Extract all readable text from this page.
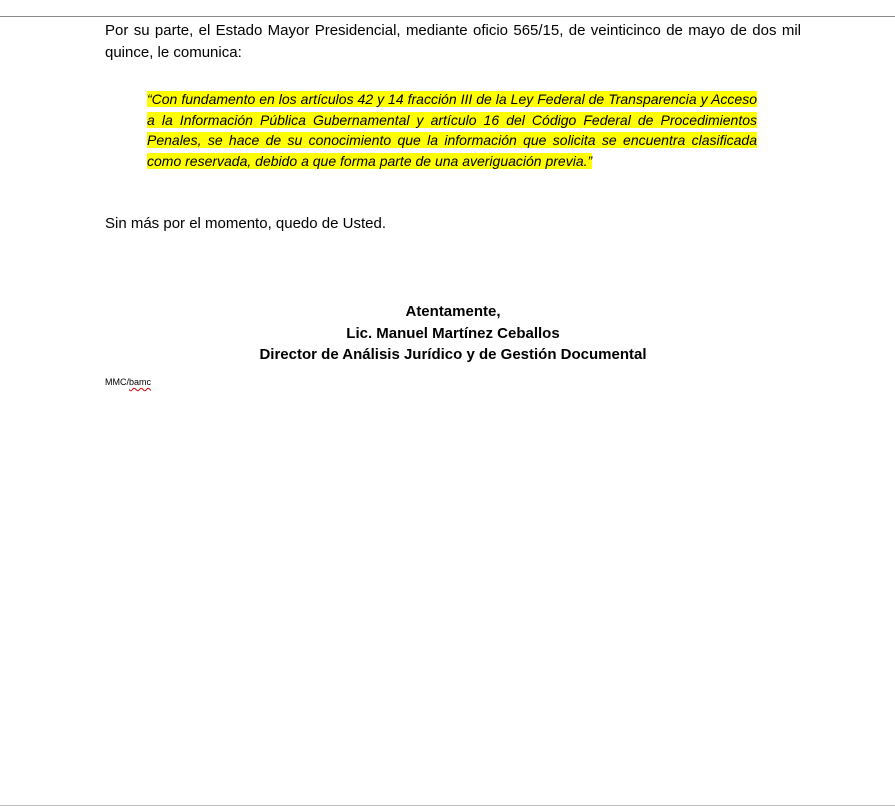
Por su parte, el Estado Mayor Presidencial, mediante oficio 565/15, de veinticinco de mayo de dos mil quince, le comunica:

“Con fundamento en los artículos 42 y 14 fracción III de la Ley Federal de Transparencia y Acceso a la Información Pública Gubernamental y artículo 16 del Código Federal de Procedimientos Penales, se hace de su conocimiento que la información que solicita se encuentra clasificada como reservada, debido a que forma parte de una averiguación previa.”

Sin más por el momento, quedo de Usted.

Atentamente,
Lic. Manuel Martínez Ceballos
Director de Análisis Jurídico y de Gestión Documental
MMC/bamc
